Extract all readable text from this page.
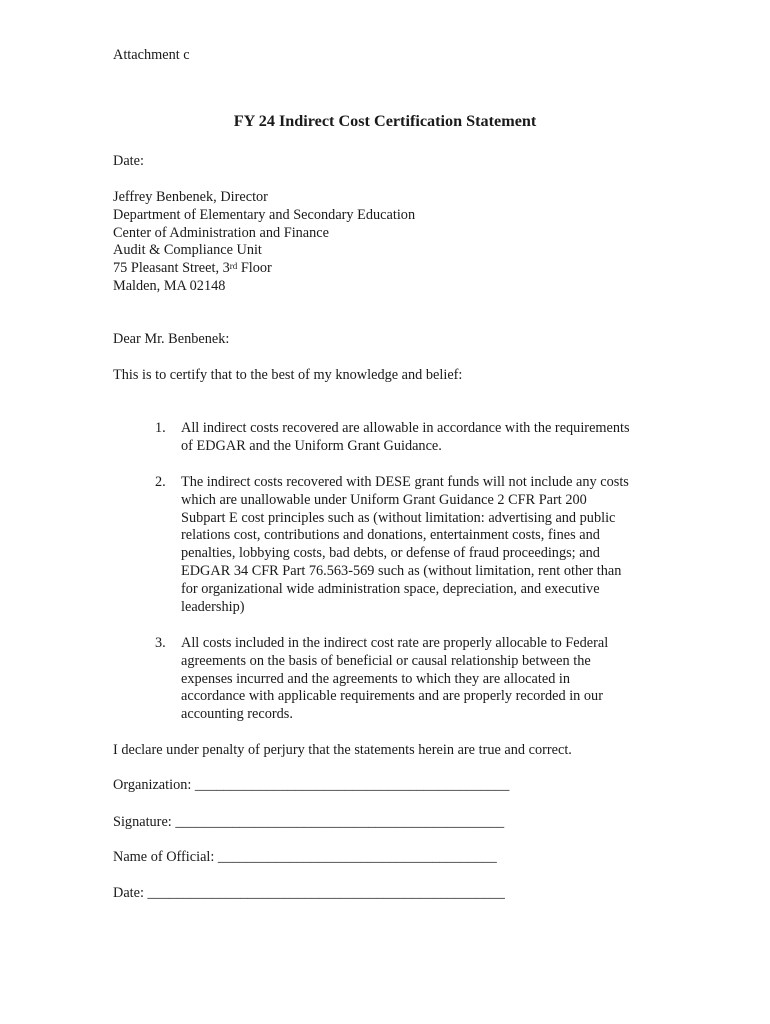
Attachment c
FY 24 Indirect Cost Certification Statement
Date:
Jeffrey Benbenek, Director
Department of Elementary and Secondary Education
Center of Administration and Finance
Audit & Compliance Unit
75 Pleasant Street, 3rd Floor
Malden, MA 02148
Dear Mr. Benbenek:
This is to certify that to the best of my knowledge and belief:
1.	All indirect costs recovered are allowable in accordance with the requirements
of EDGAR and the Uniform Grant Guidance.
2.	The indirect costs recovered with DESE grant funds will not include any costs
which are unallowable under Uniform Grant Guidance 2 CFR Part 200
Subpart E cost principles such as (without limitation: advertising and public
relations cost, contributions and donations, entertainment costs, fines and
penalties, lobbying costs, bad debts, or defense of fraud proceedings; and
EDGAR 34 CFR Part 76.563-569 such as (without limitation, rent other than
for organizational wide administration space, depreciation, and executive
leadership)
3.	All costs included in the indirect cost rate are properly allocable to Federal
agreements on the basis of beneficial or causal relationship between the
expenses incurred and the agreements to which they are allocated in
accordance with applicable requirements and are properly recorded in our
accounting records.
I declare under penalty of perjury that the statements herein are true and correct.
Organization: ____________________________________________
Signature: ______________________________________________
Name of Official: _______________________________________
Date: __________________________________________________
